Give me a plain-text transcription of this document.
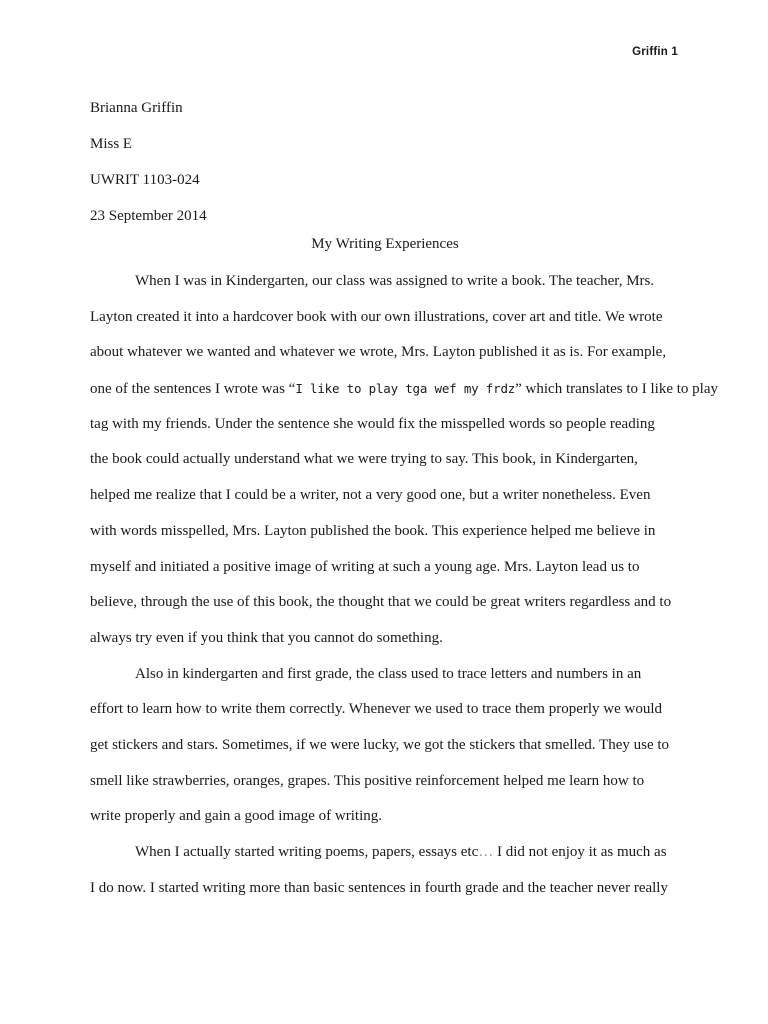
Griffin 1
Brianna Griffin
Miss E
UWRIT 1103-024
23 September 2014
My Writing Experiences
When I was in Kindergarten, our class was assigned to write a book. The teacher, Mrs.
Layton created it into a hardcover book with our own illustrations, cover art and title. We wrote
about whatever we wanted and whatever we wrote, Mrs. Layton published it as is. For example,
one of the sentences I wrote was “I like to play tga wef my frdz” which translates to I like to play
tag with my friends. Under the sentence she would fix the misspelled words so people reading
the book could actually understand what we were trying to say. This book, in Kindergarten,
helped me realize that I could be a writer, not a very good one, but a writer nonetheless. Even
with words misspelled, Mrs. Layton published the book. This experience helped me believe in
myself and initiated a positive image of writing at such a young age. Mrs. Layton lead us to
believe, through the use of this book, the thought that we could be great writers regardless and to
always try even if you think that you cannot do something.
Also in kindergarten and first grade, the class used to trace letters and numbers in an
effort to learn how to write them correctly. Whenever we used to trace them properly we would
get stickers and stars. Sometimes, if we were lucky, we got the stickers that smelled. They use to
smell like strawberries, oranges, grapes. This positive reinforcement helped me learn how to
write properly and gain a good image of writing.
When I actually started writing poems, papers, essays etc… I did not enjoy it as much as
I do now. I started writing more than basic sentences in fourth grade and the teacher never really
